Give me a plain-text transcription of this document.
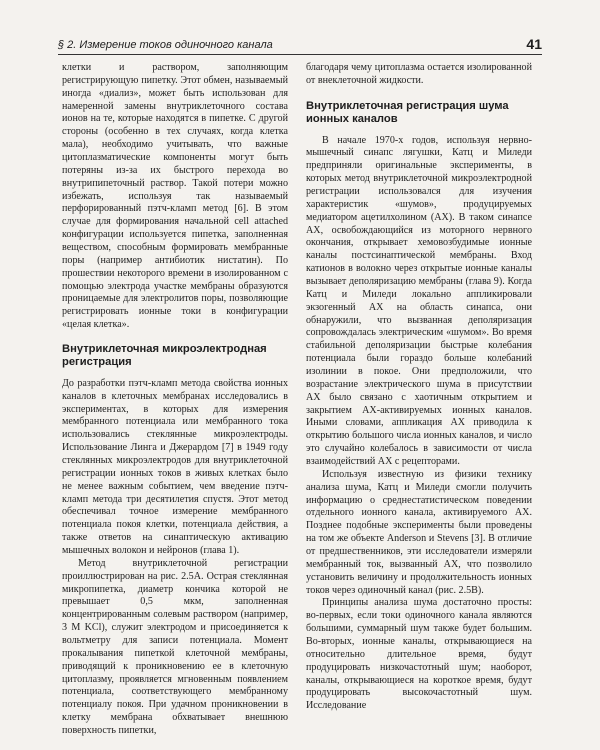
§ 2. Измерение токов одиночного канала	41

клетки и раствором, заполняющим регистрирующую пипетку. Этот обмен, называемый иногда «диализ», может быть использован для намеренной замены внутриклеточного состава ионов на те, которые находятся в пипетке. С другой стороны (особенно в тех случаях, когда клетка мала), необходимо учитывать, что важные цитоплазматические компоненты могут быть потеряны из-за их быстрого перехода во внутрипипеточный раствор. Такой потери можно избежать, используя так называемый перфорированный пэтч-кламп метод [6]. В этом случае для формирования начальной cell attached конфигурации используется пипетка, заполненная веществом, способным формировать мембранные поры (например антибиотик нистатин). По прошествии некоторого времени в изолированном с помощью электрода участке мембраны образуются проницаемые для электролитов поры, позволяющие регистрировать ионные токи в конфигурации «целая клетка».

Внутриклеточная микроэлектродная регистрация

До разработки пэтч-кламп метода свойства ионных каналов в клеточных мембранах исследовались в экспериментах, в которых для измерения мембранного потенциала или мембранного тока использовались стеклянные микроэлектроды. Использование Линга и Джерардом [7] в 1949 году стеклянных микроэлектродов для внутриклеточной регистрации ионных токов в живых клетках было не менее важным событием, чем введение пэтч-кламп метода три десятилетия спустя. Этот метод обеспечивал точное измерение мембранного потенциала покоя клетки, потенциала действия, а также ответов на синаптическую активацию мышечных волокон и нейронов (глава 1).

Метод внутриклеточной регистрации проиллюстрирован на рис. 2.5А. Острая стеклянная микропипетка, диаметр кончика которой не превышает 0,5 мкм, заполненная концентрированным солевым раствором (например, 3 М KCl), служит электродом и присоединяется к вольтметру для записи потенциала. Момент прокалывания пипеткой клеточной мембраны, приводящий к проникновению ее в клеточную цитоплазму, проявляется мгновенным появлением потенциала, соответствующего мембранному потенциалу покоя. При удачном проникновении в клетку мембрана обхватывает внешнюю поверхность пипетки,

благодаря чему цитоплазма остается изолированной от внеклеточной жидкости.

Внутриклеточная регистрация шума ионных каналов

В начале 1970-х годов, используя нервно-мышечный синапс лягушки, Катц и Миледи предприняли оригинальные эксперименты, в которых метод внутриклеточной микроэлектродной регистрации использовался для изучения характеристик «шумов», продуцируемых медиатором ацетилхолином (АХ). В таком синапсе АХ, освобождающийся из моторного нервного окончания, открывает хемовозбудимые ионные каналы постсинаптической мембраны. Вход катионов в волокно через открытые ионные каналы вызывает деполяризацию мембраны (глава 9). Когда Катц и Миледи локально аппликировали экзогенный АХ на область синапса, они обнаружили, что вызванная деполяризация сопровождалась электрическим «шумом». Во время стабильной деполяризации быстрые колебания потенциала были гораздо больше колебаний изолинии в покое. Они предположили, что возрастание электрического шума в присутствии АХ было связано с хаотичным открытием и закрытием АХ-активируемых ионных каналов. Иными словами, аппликация АХ приводила к открытию большого числа ионных каналов, и число это случайно колебалось в зависимости от числа взаимодействий АХ с рецепторами.

Используя известную из физики технику анализа шума, Катц и Миледи смогли получить информацию о среднестатистическом поведении отдельного ионного канала, активируемого АХ. Позднее подобные эксперименты были проведены на том же объекте Anderson и Stevens [3]. В отличие от предшественников, эти исследователи измеряли мембранный ток, вызванный АХ, что позволило установить величину и продолжительность ионных токов через одиночный канал (рис. 2.5В).

Принципы анализа шума достаточно просты: во-первых, если токи одиночного канала являются большими, суммарный шум также будет большим. Во-вторых, ионные каналы, открывающиеся на относительно длительное время, будут продуцировать низкочастотный шум; наоборот, каналы, открывающиеся на короткое время, будут продуцировать высокочастотный шум. Исследование
